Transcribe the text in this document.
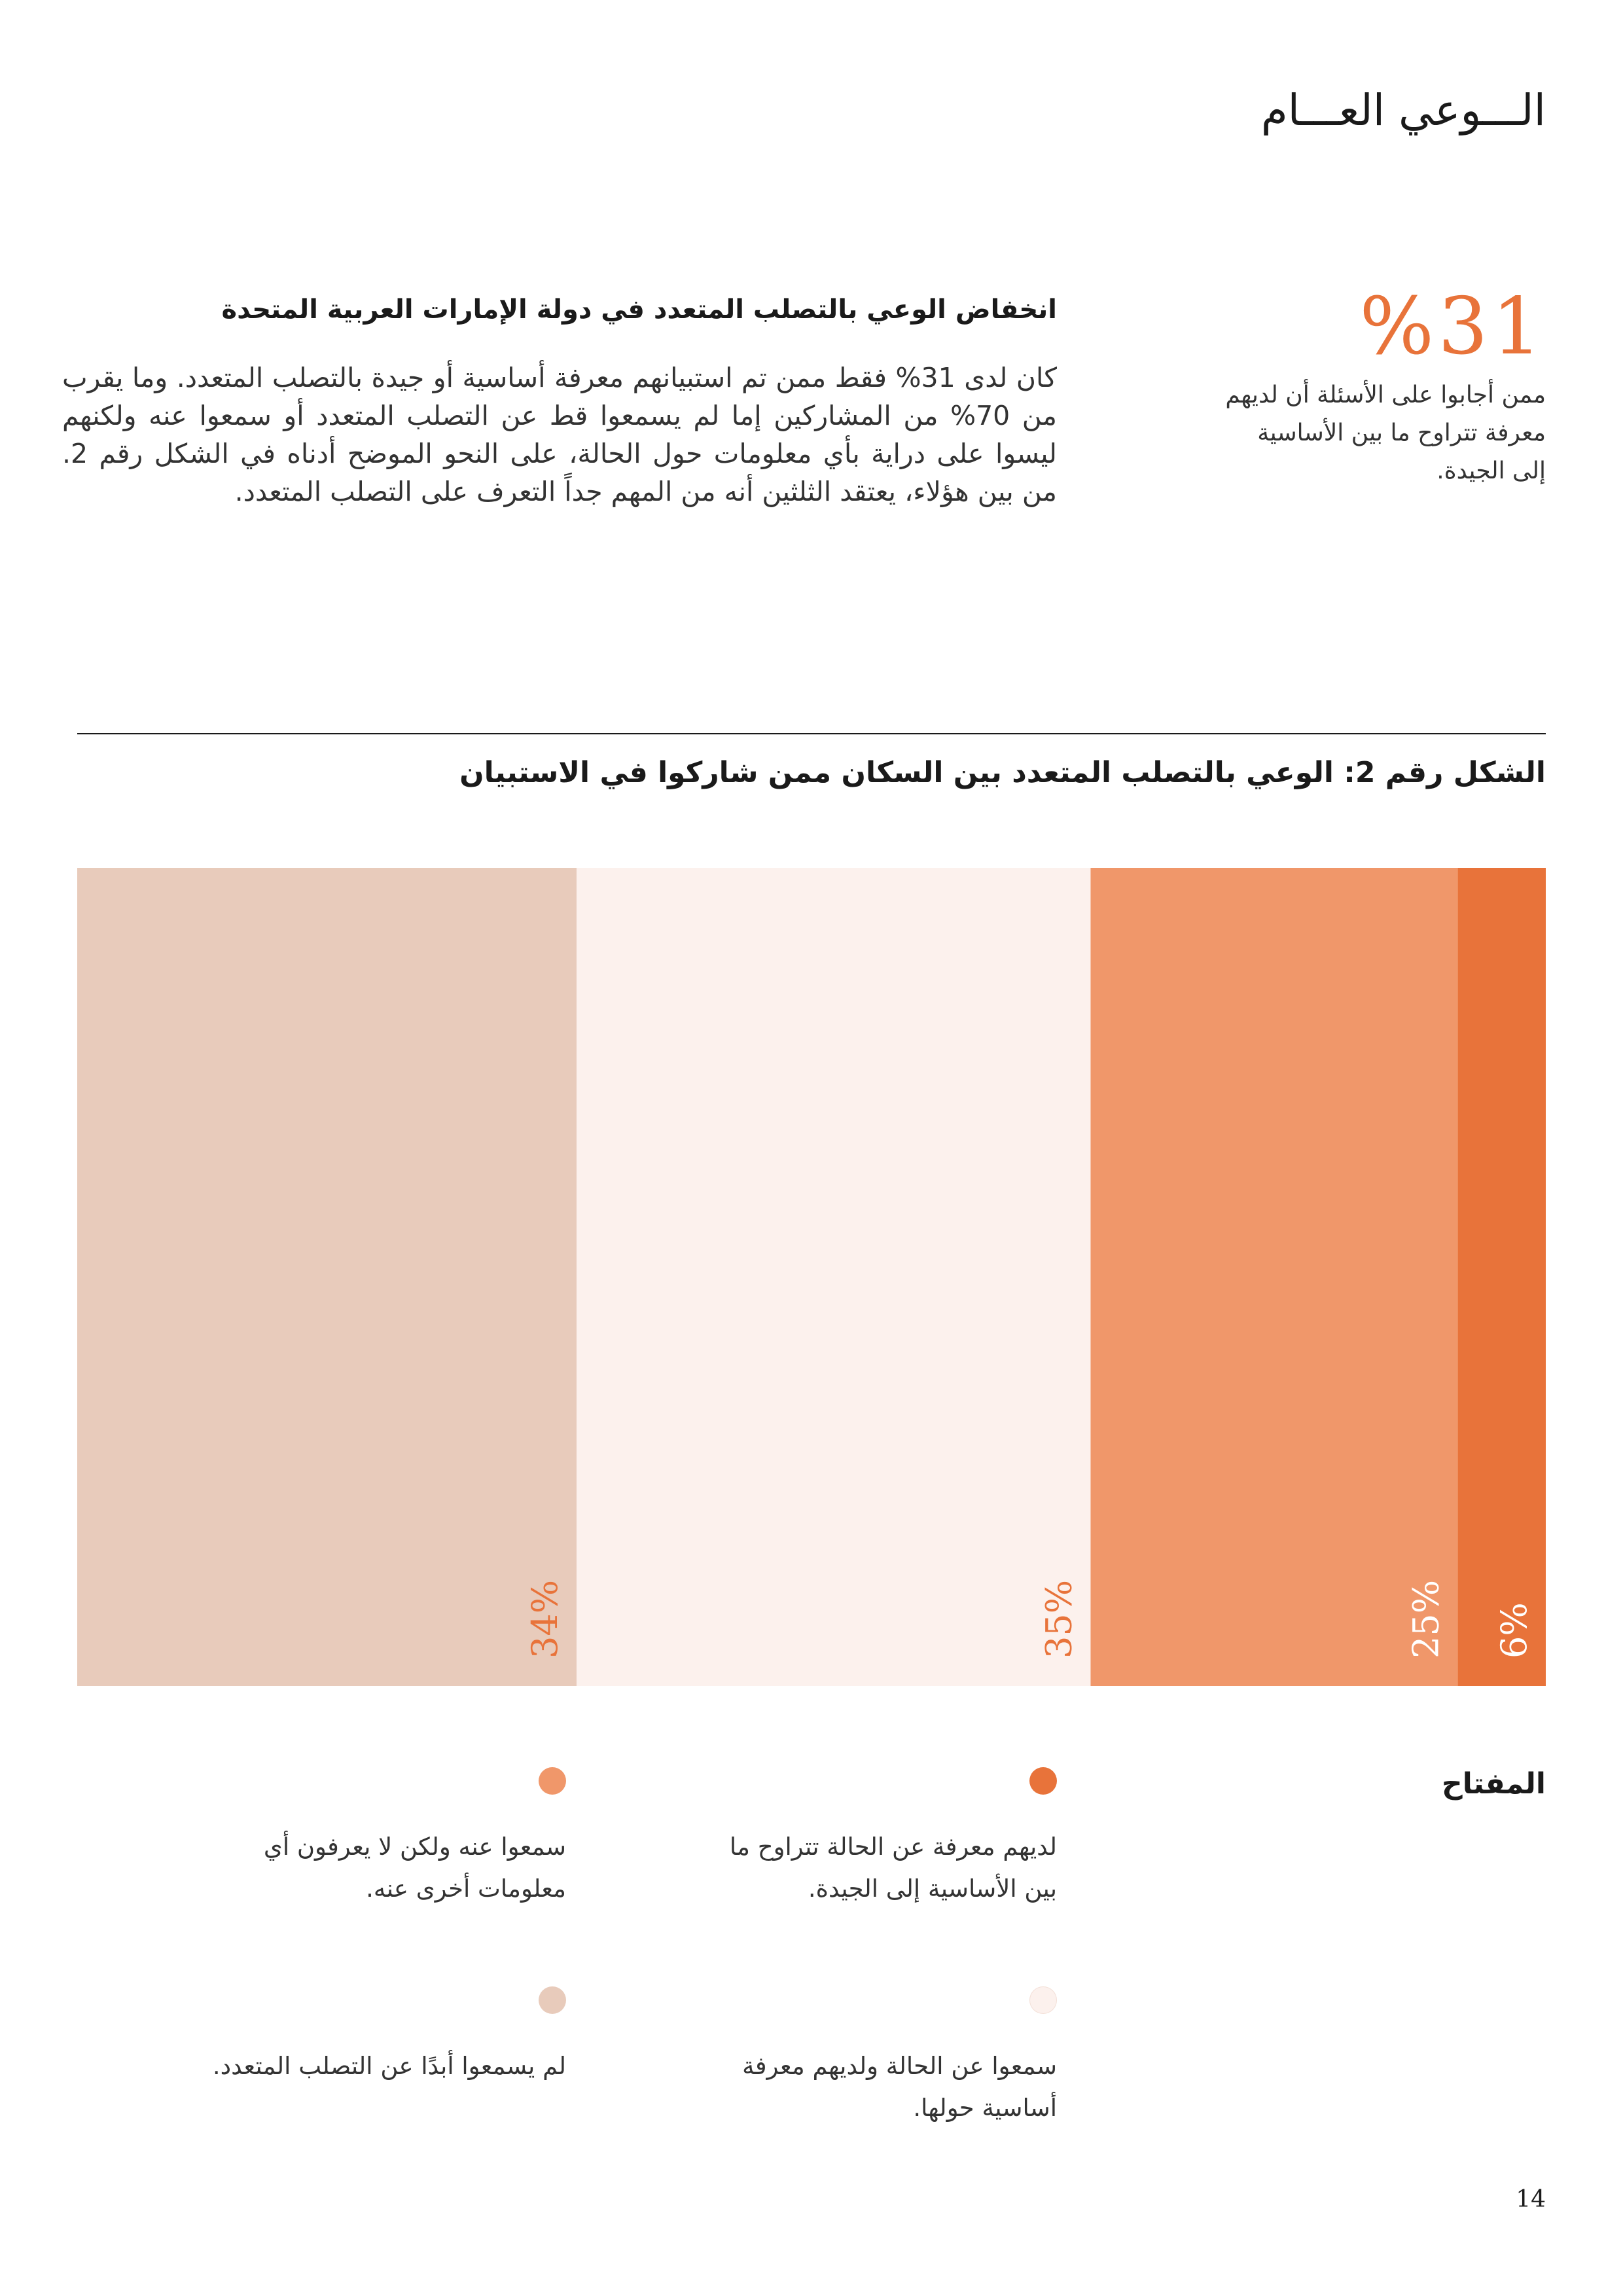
الـــوعي العـــام
%31
ممن أجابوا على الأسئلة أن لديهم معرفة تتراوح ما بين الأساسية إلى الجيدة.
انخفاض الوعي بالتصلب المتعدد في دولة الإمارات العربية المتحدة
كان لدى 31% فقط ممن تم استبيانهم معرفة أساسية أو جيدة بالتصلب المتعدد. وما يقرب من 70% من المشاركين إما لم يسمعوا قط عن التصلب المتعدد أو سمعوا عنه ولكنهم ليسوا على دراية بأي معلومات حول الحالة، على النحو الموضح أدناه في الشكل رقم 2. من بين هؤلاء، يعتقد الثلثين أنه من المهم جداً التعرف على التصلب المتعدد.
الشكل رقم 2: الوعي بالتصلب المتعدد بين السكان ممن شاركوا في الاستبيان
6%
25%
35%
34%
المفتاح
لديهم معرفة عن الحالة تتراوح ما بين الأساسية إلى الجيدة.
سمعوا عنه ولكن لا يعرفون أي معلومات أخرى عنه.
سمعوا عن الحالة ولديهم معرفة أساسية حولها.
لم يسمعوا أبدًا عن التصلب المتعدد.
14
